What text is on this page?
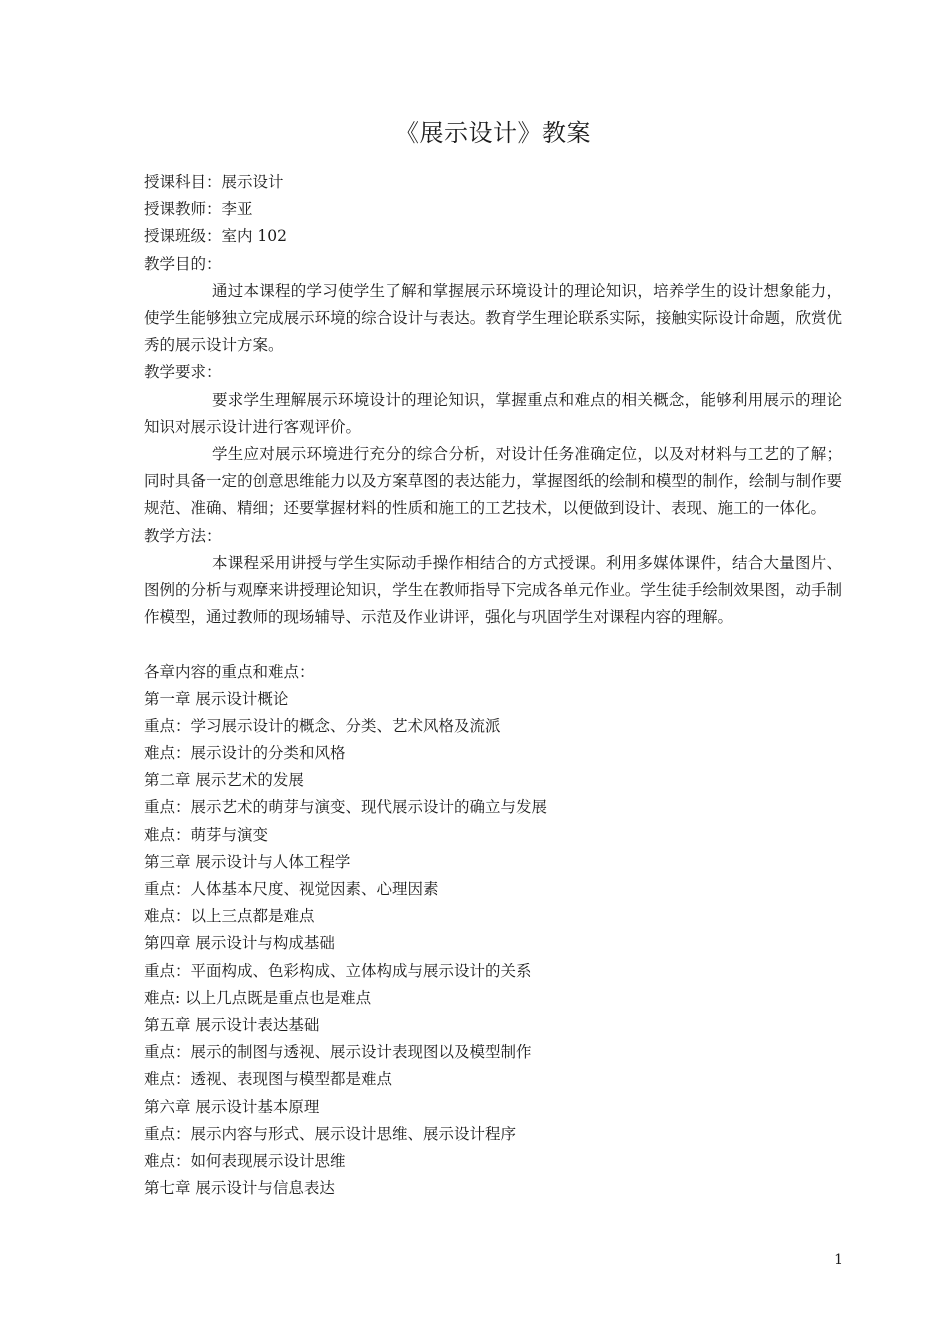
《展示设计》教案
授课科目：展示设计
授课教师：李亚
授课班级：室内 102
教学目的：

通过本课程的学习使学生了解和掌握展示环境设计的理论知识，培养学生的设计想象能力，使学生能够独立完成展示环境的综合设计与表达。教育学生理论联系实际，接触实际设计命题，欣赏优秀的展示设计方案。

教学要求：

要求学生理解展示环境设计的理论知识，掌握重点和难点的相关概念，能够利用展示的理论知识对展示设计进行客观评价。

学生应对展示环境进行充分的综合分析，对设计任务准确定位，以及对材料与工艺的了解；同时具备一定的创意思维能力以及方案草图的表达能力，掌握图纸的绘制和模型的制作，绘制与制作要规范、准确、精细；还要掌握材料的性质和施工的工艺技术，以便做到设计、表现、施工的一体化。

教学方法：

本课程采用讲授与学生实际动手操作相结合的方式授课。利用多媒体课件，结合大量图片、图例的分析与观摩来讲授理论知识，学生在教师指导下完成各单元作业。学生徒手绘制效果图，动手制作模型，通过教师的现场辅导、示范及作业讲评，强化与巩固学生对课程内容的理解。

各章内容的重点和难点：
第一章 展示设计概论
重点：学习展示设计的概念、分类、艺术风格及流派
难点：展示设计的分类和风格
第二章 展示艺术的发展
重点：展示艺术的萌芽与演变、现代展示设计的确立与发展
难点：萌芽与演变
第三章 展示设计与人体工程学
重点：人体基本尺度、视觉因素、心理因素
难点：以上三点都是难点
第四章 展示设计与构成基础
重点：平面构成、色彩构成、立体构成与展示设计的关系
难点: 以上几点既是重点也是难点
第五章 展示设计表达基础
重点：展示的制图与透视、展示设计表现图以及模型制作
难点：透视、表现图与模型都是难点
第六章 展示设计基本原理
重点：展示内容与形式、展示设计思维、展示设计程序
难点：如何表现展示设计思维
第七章 展示设计与信息表达
1
